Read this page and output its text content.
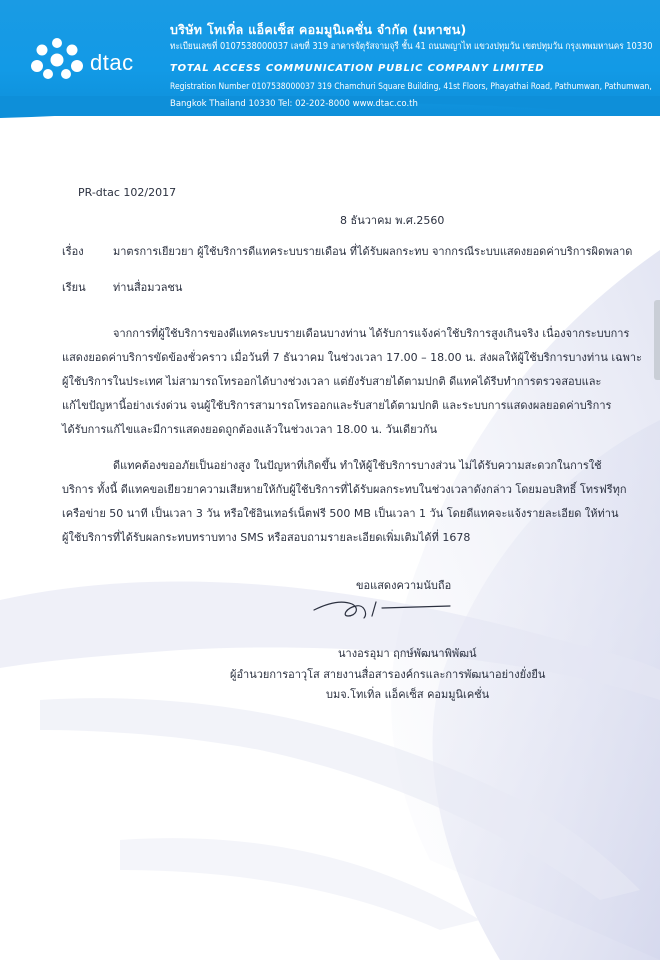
dtac
บริษัท โทเทิ่ล แอ็คเซ็ส คอมมูนิเคชั่น จำกัด (มหาชน)
ทะเบียนเลขที่ 0107538000037 เลขที่ 319 อาคารจัตุรัสจามจุรี ชั้น 41 ถนนพญาไท แขวงปทุมวัน เขตปทุมวัน กรุงเทพมหานคร 10330
TOTAL ACCESS COMMUNICATION PUBLIC COMPANY LIMITED
Registration Number 0107538000037 319 Chamchuri Square Building, 41st Floors, Phayathai Road, Pathumwan, Pathumwan,
Bangkok Thailand 10330 Tel: 02-202-8000 www.dtac.co.th
PR-dtac 102/2017
8 ธันวาคม พ.ศ.2560
เรื่อง	มาตรการเยียวยา ผู้ใช้บริการดีแทคระบบรายเดือน ที่ได้รับผลกระทบ จากกรณีระบบแสดงยอดค่าบริการผิดพลาด
เรียน ท่านสื่อมวลชน
จากการที่ผู้ใช้บริการของดีแทคระบบรายเดือนบางท่าน ได้รับการแจ้งค่าใช้บริการสูงเกินจริง เนื่องจากระบบการ
แสดงยอดค่าบริการขัดข้องชั่วคราว เมื่อวันที่ 7 ธันวาคม ในช่วงเวลา 17.00 – 18.00 น. ส่งผลให้ผู้ใช้บริการบางท่าน เฉพาะ
ผู้ใช้บริการในประเทศ ไม่สามารถโทรออกได้บางช่วงเวลา แต่ยังรับสายได้ตามปกติ ดีแทคได้รีบทำการตรวจสอบและ
แก้ไขปัญหานี้อย่างเร่งด่วน จนผู้ใช้บริการสามารถโทรออกและรับสายได้ตามปกติ และระบบการแสดงผลยอดค่าบริการ
ได้รับการแก้ไขและมีการแสดงยอดถูกต้องแล้วในช่วงเวลา 18.00 น. วันเดียวกัน
ดีแทคต้องขออภัยเป็นอย่างสูง ในปัญหาที่เกิดขึ้น ทำให้ผู้ใช้บริการบางส่วน ไม่ได้รับความสะดวกในการใช้
บริการ ทั้งนี้ ดีแทคขอเยียวยาความเสียหายให้กับผู้ใช้บริการที่ได้รับผลกระทบในช่วงเวลาดังกล่าว โดยมอบสิทธิ์ โทรฟรีทุก
เครือข่าย 50 นาที เป็นเวลา 3 วัน หรือใช้อินเทอร์เน็ตฟรี 500 MB เป็นเวลา 1 วัน โดยดีแทคจะแจ้งรายละเอียด ให้ท่าน
ผู้ใช้บริการที่ได้รับผลกระทบทราบทาง SMS หรือสอบถามรายละเอียดเพิ่มเติมได้ที่ 1678
ขอแสดงความนับถือ
นางอรอุมา ฤกษ์พัฒนาพิพัฒน์
ผู้อำนวยการอาวุโส สายงานสื่อสารองค์กรและการพัฒนาอย่างยั่งยืน
บมจ.โทเทิ่ล แอ็คเซ็ส คอมมูนิเคชั่น
